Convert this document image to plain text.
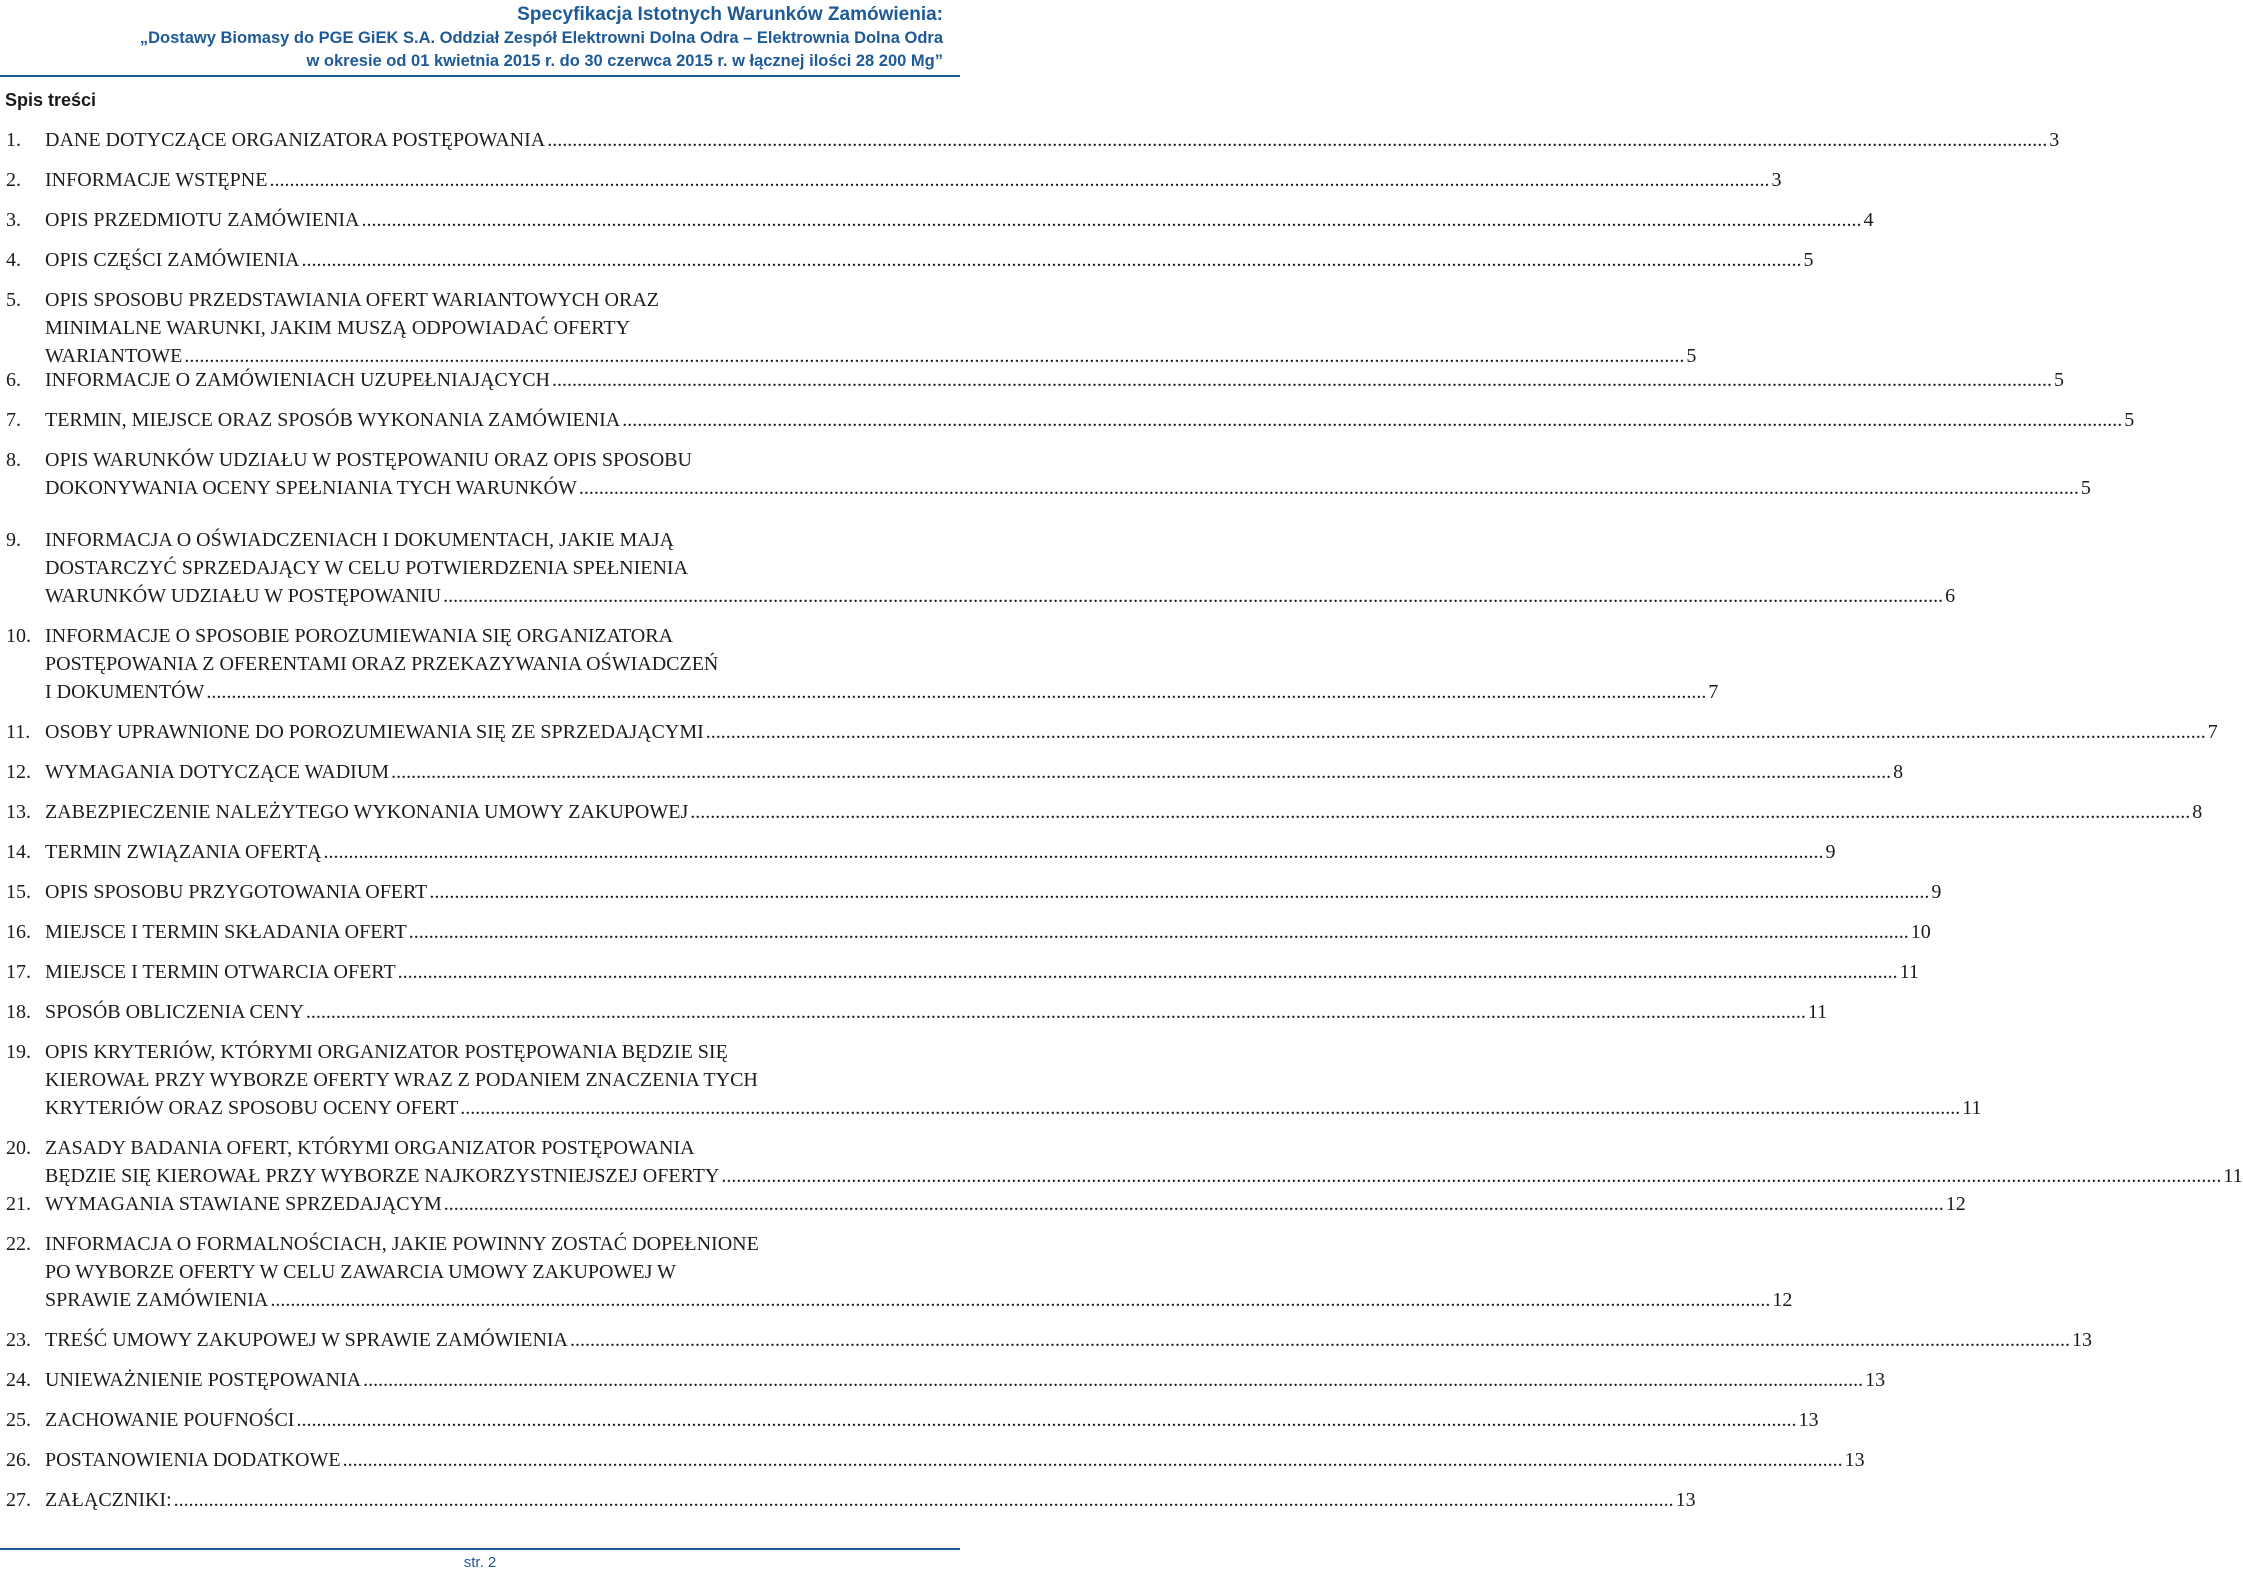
Specyfikacja Istotnych Warunków Zamówienia:
„Dostawy Biomasy do PGE GiEK S.A. Oddział Zespół Elektrowni Dolna Odra – Elektrownia Dolna Odra
w okresie od 01 kwietnia 2015 r. do 30 czerwca 2015 r. w łącznej ilości 28 200 Mg”
Spis treści
1. DANE DOTYCZĄCE ORGANIZATORA POSTĘPOWANIA ............................................................................................................................................................................................................................................................................................................ 3
2. INFORMACJE WSTĘPNE ............................................................................................................................................................................................................................................................................................................ 3
3. OPIS PRZEDMIOTU ZAMÓWIENIA ............................................................................................................................................................................................................................................................................................................ 4
4. OPIS CZĘŚCI ZAMÓWIENIA ............................................................................................................................................................................................................................................................................................................ 5
5. OPIS SPOSOBU PRZEDSTAWIANIA OFERT WARIANTOWYCH ORAZ
MINIMALNE WARUNKI, JAKIM MUSZĄ ODPOWIADAĆ OFERTY
WARIANTOWE ............................................................................................................................................................................................................................................................................................................ 5
6. INFORMACJE O ZAMÓWIENIACH UZUPEŁNIAJĄCYCH ............................................................................................................................................................................................................................................................................................................ 5
7. TERMIN, MIEJSCE ORAZ SPOSÓB WYKONANIA ZAMÓWIENIA ............................................................................................................................................................................................................................................................................................................ 5
8. OPIS WARUNKÓW UDZIAŁU W POSTĘPOWANIU ORAZ OPIS SPOSOBU
DOKONYWANIA OCENY SPEŁNIANIA TYCH WARUNKÓW ............................................................................................................................................................................................................................................................................................................ 5
9. INFORMACJA O OŚWIADCZENIACH I DOKUMENTACH, JAKIE MAJĄ
DOSTARCZYĆ SPRZEDAJĄCY W CELU POTWIERDZENIA SPEŁNIENIA
WARUNKÓW UDZIAŁU W POSTĘPOWANIU ............................................................................................................................................................................................................................................................................................................ 6
10. INFORMACJE O SPOSOBIE POROZUMIEWANIA SIĘ ORGANIZATORA
POSTĘPOWANIA Z OFERENTAMI ORAZ PRZEKAZYWANIA OŚWIADCZEŃ
I DOKUMENTÓW ............................................................................................................................................................................................................................................................................................................ 7
11. OSOBY UPRAWNIONE DO POROZUMIEWANIA SIĘ ZE SPRZEDAJĄCYMI ............................................................................................................................................................................................................................................................................................................ 7
12. WYMAGANIA DOTYCZĄCE WADIUM ............................................................................................................................................................................................................................................................................................................ 8
13. ZABEZPIECZENIE NALEŻYTEGO WYKONANIA UMOWY ZAKUPOWEJ ............................................................................................................................................................................................................................................................................................................ 8
14. TERMIN ZWIĄZANIA OFERTĄ ............................................................................................................................................................................................................................................................................................................ 9
15. OPIS SPOSOBU PRZYGOTOWANIA OFERT ............................................................................................................................................................................................................................................................................................................ 9
16. MIEJSCE I TERMIN SKŁADANIA OFERT ............................................................................................................................................................................................................................................................................................................ 10
17. MIEJSCE I TERMIN OTWARCIA OFERT ............................................................................................................................................................................................................................................................................................................ 11
18. SPOSÓB OBLICZENIA CENY ............................................................................................................................................................................................................................................................................................................ 11
19. OPIS KRYTERIÓW, KTÓRYMI ORGANIZATOR POSTĘPOWANIA BĘDZIE SIĘ
KIEROWAŁ PRZY WYBORZE OFERTY WRAZ Z PODANIEM ZNACZENIA TYCH
KRYTERIÓW ORAZ SPOSOBU OCENY OFERT ............................................................................................................................................................................................................................................................................................................ 11
20. ZASADY BADANIA OFERT, KTÓRYMI ORGANIZATOR POSTĘPOWANIA
BĘDZIE SIĘ KIEROWAŁ PRZY WYBORZE NAJKORZYSTNIEJSZEJ OFERTY ............................................................................................................................................................................................................................................................................................................ 11
21. WYMAGANIA STAWIANE SPRZEDAJĄCYM ............................................................................................................................................................................................................................................................................................................ 12
22. INFORMACJA O FORMALNOŚCIACH, JAKIE POWINNY ZOSTAĆ DOPEŁNIONE
PO WYBORZE OFERTY W CELU ZAWARCIA UMOWY ZAKUPOWEJ W
SPRAWIE ZAMÓWIENIA ............................................................................................................................................................................................................................................................................................................ 12
23. TREŚĆ UMOWY ZAKUPOWEJ W SPRAWIE ZAMÓWIENIA ............................................................................................................................................................................................................................................................................................................ 13
24. UNIEWAŻNIENIE POSTĘPOWANIA ............................................................................................................................................................................................................................................................................................................ 13
25. ZACHOWANIE POUFNOŚCI ............................................................................................................................................................................................................................................................................................................ 13
26. POSTANOWIENIA DODATKOWE ............................................................................................................................................................................................................................................................................................................ 13
27. ZAŁĄCZNIKI: ............................................................................................................................................................................................................................................................................................................ 13
str. 2
